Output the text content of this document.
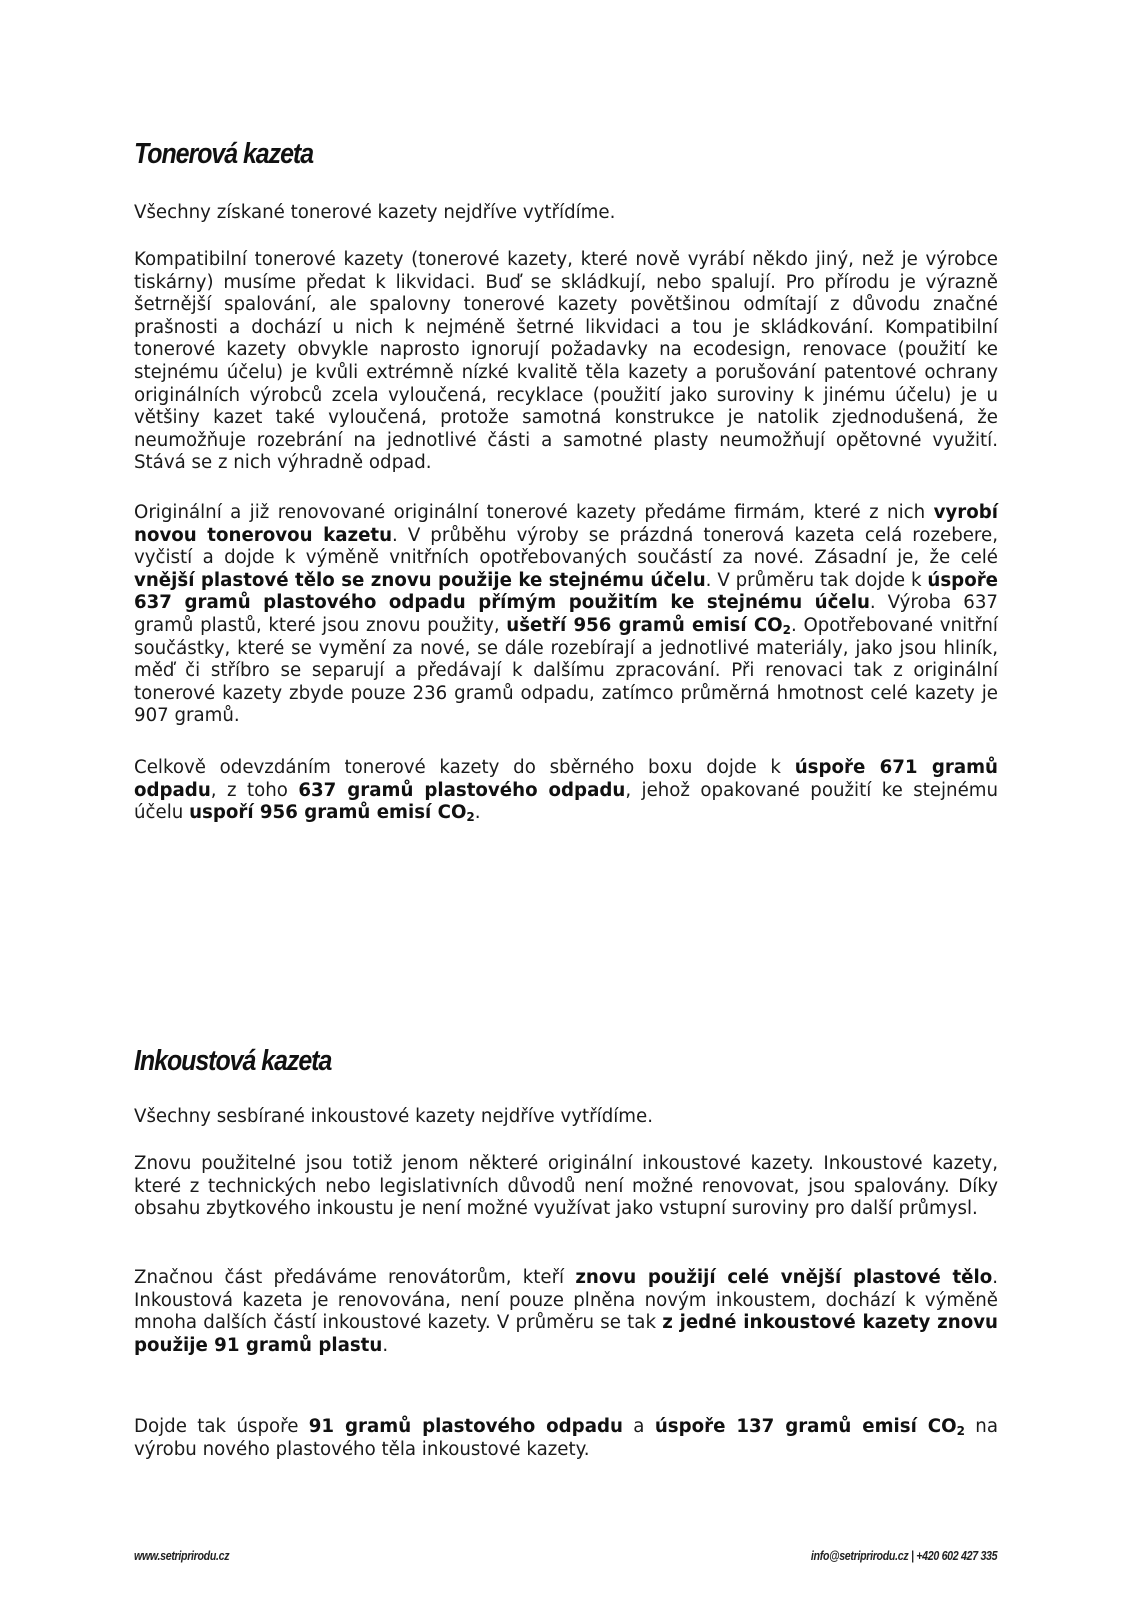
Tonerová kazeta

Všechny získané tonerové kazety nejdříve vytřídíme.

Kompatibilní tonerové kazety (tonerové kazety, které nově vyrábí někdo jiný, než je výrobce tiskárny) musíme předat k likvidaci. Buď se skládkují, nebo spalují. Pro přírodu je výrazně šetrnější spalování, ale spalovny tonerové kazety povětšinou odmítají z důvodu značné prašnosti a dochází u nich k nejméně šetrné likvidaci a tou je skládkování. Kompatibilní tonerové kazety obvykle naprosto ignorují požadavky na ecodesign, renovace (použití ke stejnému účelu) je kvůli extrémně nízké kvalitě těla kazety a porušování patentové ochrany originálních výrobců zcela vyloučená, recyklace (použití jako suroviny k jinému účelu) je u většiny kazet také vyloučená, protože samotná konstrukce je natolik zjednodušená, že neumožňuje rozebrání na jednotlivé části a samotné plasty neumožňují opětovné využití. Stává se z nich výhradně odpad.

Originální a již renovované originální tonerové kazety předáme firmám, které z nich vyrobí novou tonerovou kazetu. V průběhu výroby se prázdná tonerová kazeta celá rozebere, vyčistí a dojde k výměně vnitřních opotřebovaných součástí za nové. Zásadní je, že celé vnější plastové tělo se znovu použije ke stejnému účelu. V průměru tak dojde k úspoře 637 gramů plastového odpadu přímým použitím ke stejnému účelu. Výroba 637 gramů plastů, které jsou znovu použity, ušetří 956 gramů emisí $CO_2$. Opotřebované vnitřní součástky, které se vymění za nové, se dále rozebírají a jednotlivé materiály, jako jsou hliník, měď či stříbro se separují a předávají k dalšímu zpracování. Při renovaci tak z originální tonerové kazety zbyde pouze 236 gramů odpadu, zatímco průměrná hmotnost celé kazety je 907 gramů.

Celkově odevzdáním tonerové kazety do sběrného boxu dojde k úspoře 671 gramů odpadu, z toho 637 gramů plastového odpadu, jehož opakované použití ke stejnému účelu uspoří 956 gramů emisí $CO_2$.

Inkoustová kazeta

Všechny sesbírané inkoustové kazety nejdříve vytřídíme.

Znovu použitelné jsou totiž jenom některé originální inkoustové kazety. Inkoustové kazety, které z technických nebo legislativních důvodů není možné renovovat, jsou spalovány. Díky obsahu zbytkového inkoustu je není možné využívat jako vstupní suroviny pro další průmysl.

Značnou část předáváme renovátorům, kteří znovu použijí celé vnější plastové tělo. Inkoustová kazeta je renovována, není pouze plněna novým inkoustem, dochází k výměně mnoha dalších částí inkoustové kazety. V průměru se tak z jedné inkoustové kazety znovu použije 91 gramů plastu.

Dojde tak úspoře 91 gramů plastového odpadu a úspoře 137 gramů emisí $CO_2$ na výrobu nového plastového těla inkoustové kazety.

www.setriprirodu.cz	info@setriprirodu.cz | +420 602 427 335
